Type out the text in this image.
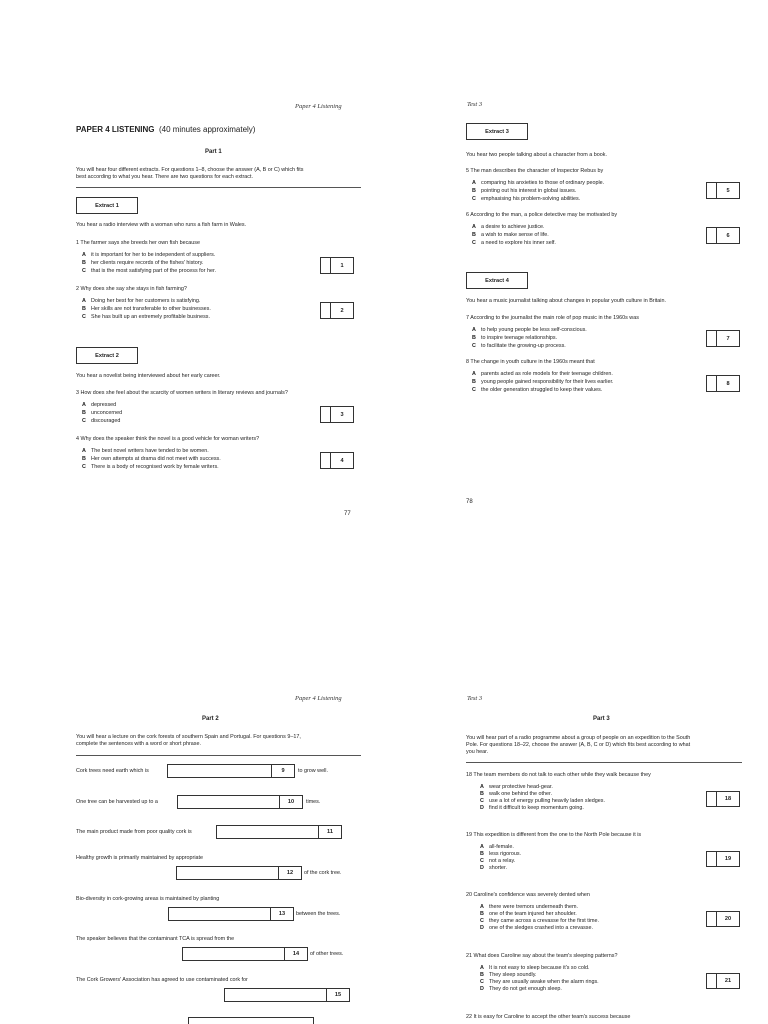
Paper 4 Listening
PAPER 4 LISTENING (40 minutes approximately)
Part 1
You will hear four different extracts. For questions 1–8, choose the answer (A, B or C) which fits
best according to what you hear. There are two questions for each extract.
Extract 1
You hear a radio interview with a woman who runs a fish farm in Wales.
1 The farmer says she breeds her own fish because
A it is important for her to be independent of suppliers.
B her clients require records of the fishes' history.
C that is the most satisfying part of the process for her.
1
2 Why does she say she stays in fish farming?
A Doing her best for her customers is satisfying.
B Her skills are not transferable to other businesses.
C She has built up an extremely profitable business.
2
Extract 2
You hear a novelist being interviewed about her early career.
3 How does she feel about the scarcity of women writers in literary reviews and journals?
A depressed
B unconcerned
C discouraged
3
4 Why does the speaker think the novel is a good vehicle for woman writers?
A The best novel writers have tended to be women.
B Her own attempts at drama did not meet with success.
C There is a body of recognised work by female writers.
4
77
Test 3
Extract 3
You hear two people talking about a character from a book.
5 The man describes the character of Inspector Rebus by
A comparing his anxieties to those of ordinary people.
B pointing out his interest in global issues.
C emphasising his problem-solving abilities.
5
6 According to the man, a police detective may be motivated by
A a desire to achieve justice.
B a wish to make sense of life.
C a need to explore his inner self.
6
Extract 4
You hear a music journalist talking about changes in popular youth culture in Britain.
7 According to the journalist the main role of pop music in the 1960s was
A to help young people be less self-conscious.
B to inspire teenage relationships.
C to facilitate the growing-up process.
7
8 The change in youth culture in the 1960s meant that
A parents acted as role models for their teenage children.
B young people gained responsibility for their lives earlier.
C the older generation struggled to keep their values.
8
78
Paper 4 Listening
Part 2
You will hear a lecture on the cork forests of southern Spain and Portugal. For questions 9–17,
complete the sentences with a word or short phrase.
Cork trees need earth which is	9	to grow well.
One tree can be harvested up to a	10	times.
The main product made from poor quality cork is	11
Healthy growth is primarily maintained by appropriate
12	of the cork tree.
Bio-diversity in cork-growing areas is maintained by planting
13	between the trees.
The speaker believes that the contaminant TCA is spread from the
14	of other trees.
The Cork Growers' Association has agreed to use contaminated cork for
15
Test 3
Part 3
You will hear part of a radio programme about a group of people on an expedition to the South
Pole. For questions 18–22, choose the answer (A, B, C or D) which fits best according to what
you hear.
18 The team members do not talk to each other while they walk because they
A wear protective head-gear.
B walk one behind the other.
C use a lot of energy pulling heavily laden sledges.
D find it difficult to keep momentum going.
18
19 This expedition is different from the one to the North Pole because it is
A all-female.
B less rigorous.
C not a relay.
D shorter.
19
20 Caroline's confidence was severely dented when
A there were tremors underneath them.
B one of the team injured her shoulder.
C they came across a crevasse for the first time.
D one of the sledges crashed into a crevasse.
20
21 What does Caroline say about the team's sleeping patterns?
A It is not easy to sleep because it's so cold.
B They sleep soundly.
C They are usually awake when the alarm rings.
D They do not get enough sleep.
21
22 It is easy for Caroline to accept the other team's success because
